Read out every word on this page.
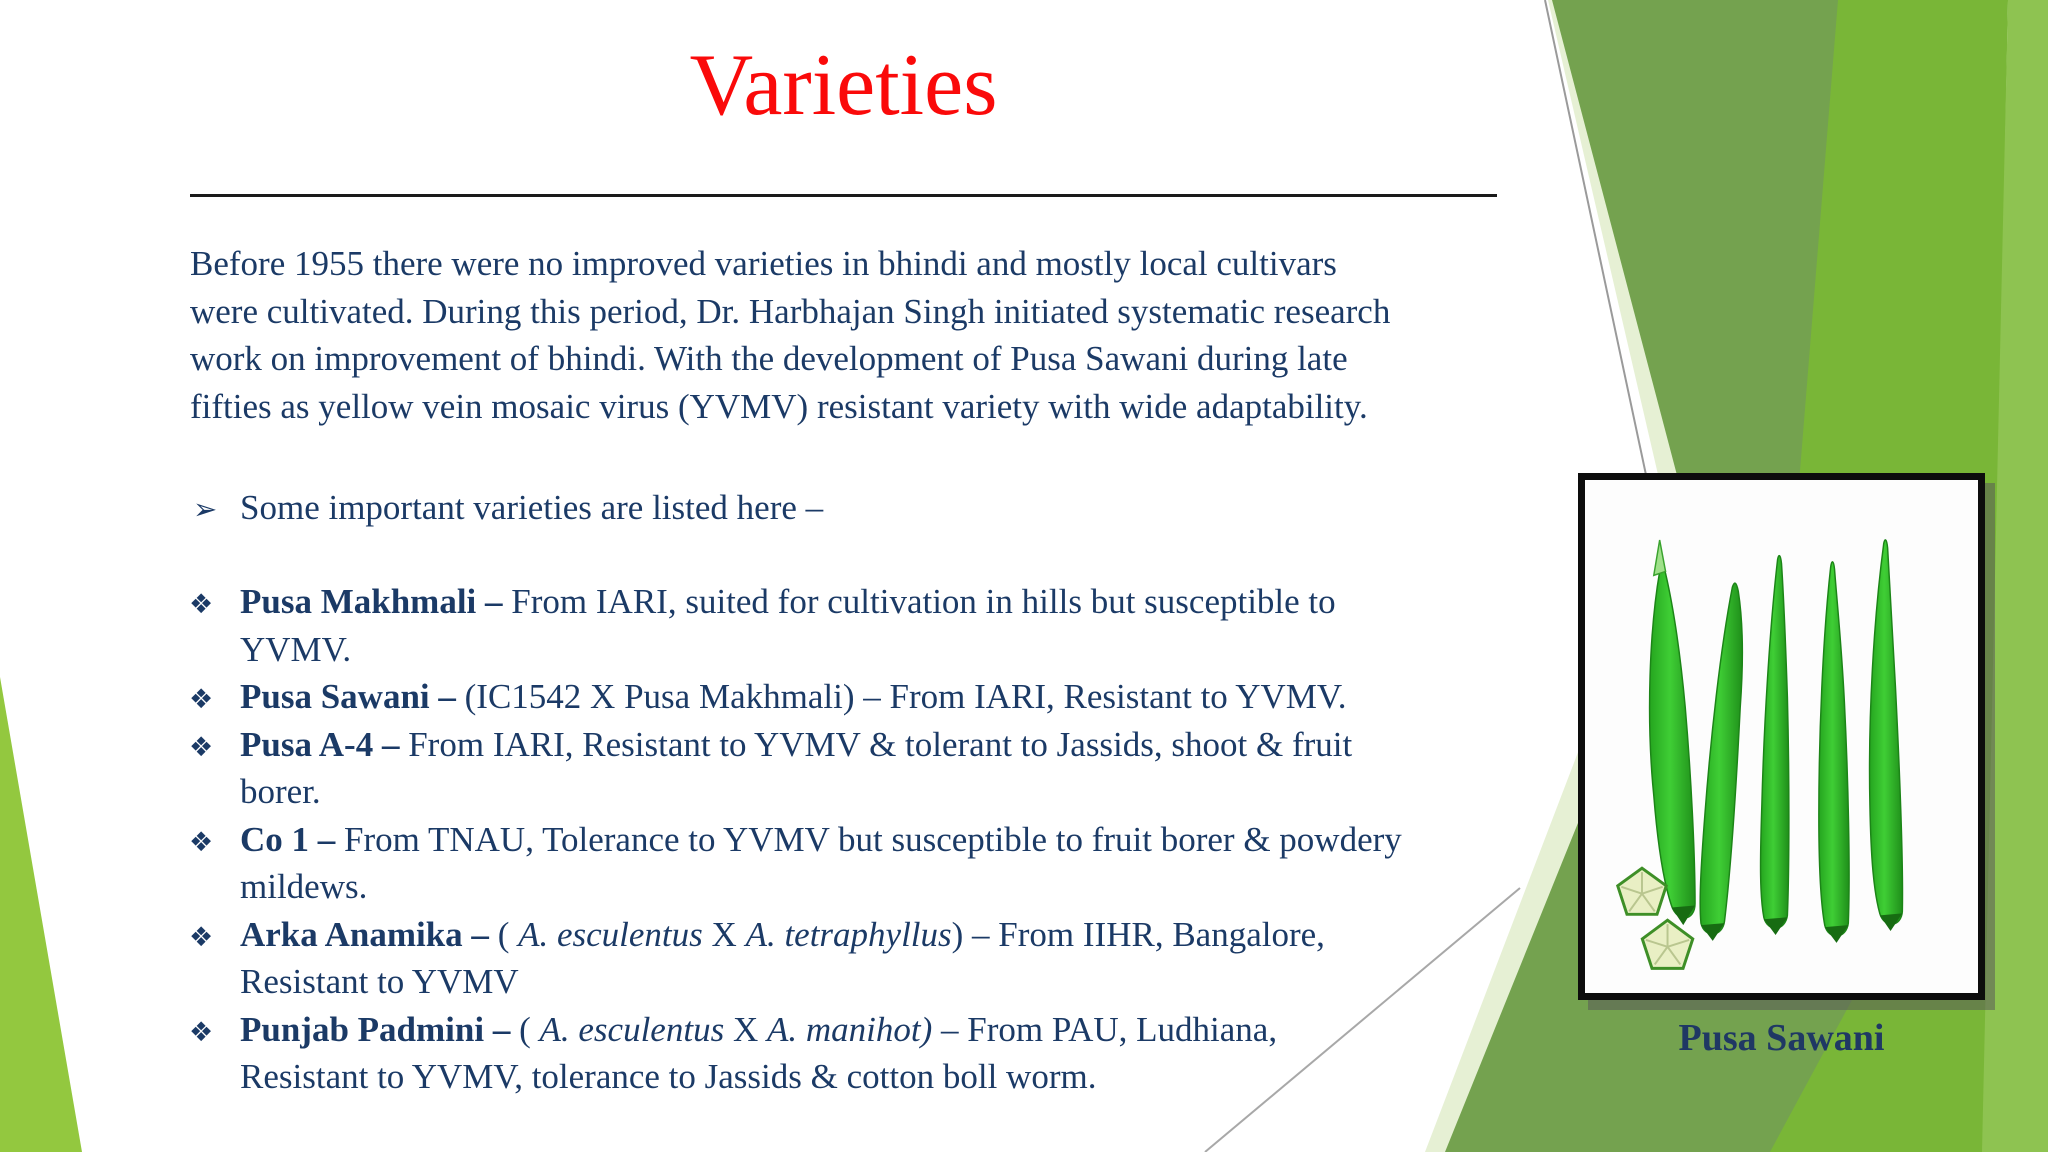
Varieties
Before 1955 there were no improved varieties in bhindi and mostly local cultivars
were cultivated. During this period, Dr. Harbhajan Singh initiated systematic research
work on improvement of bhindi. With the development of Pusa Sawani during late
fifties as yellow vein mosaic virus (YVMV) resistant variety with wide adaptability.
➢ Some important varieties are listed here –
❖ Pusa Makhmali – From IARI, suited for cultivation in hills but susceptible to
YVMV.
❖ Pusa Sawani – (IC1542 X Pusa Makhmali) – From IARI, Resistant to YVMV.
❖ Pusa A-4 – From IARI, Resistant to YVMV & tolerant to Jassids, shoot & fruit
borer.
❖ Co 1 – From TNAU, Tolerance to YVMV but susceptible to fruit borer & powdery
mildews.
❖ Arka Anamika – ( A. esculentus X A. tetraphyllus) – From IIHR, Bangalore,
Resistant to YVMV
❖ Punjab Padmini – ( A. esculentus X A. manihot) – From PAU, Ludhiana,
Resistant to YVMV, tolerance to Jassids & cotton boll worm.
Pusa Sawani
